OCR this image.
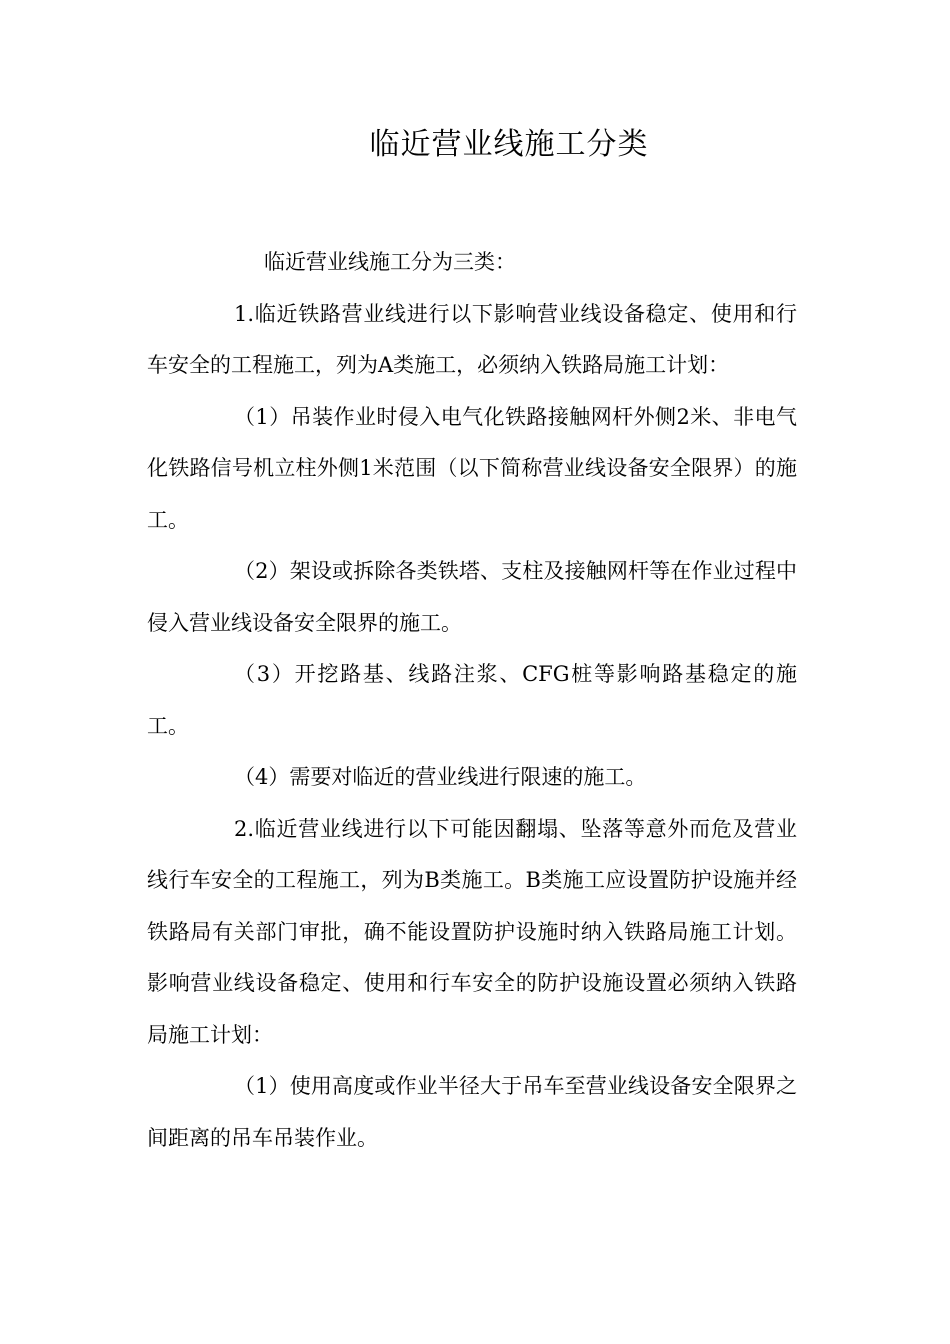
临近营业线施工分类

临近营业线施工分为三类：

1.临近铁路营业线进行以下影响营业线设备稳定、使用和行车安全的工程施工，列为A类施工，必须纳入铁路局施工计划：

（1）吊装作业时侵入电气化铁路接触网杆外侧2米、非电气化铁路信号机立柱外侧1米范围（以下简称营业线设备安全限界）的施工。

（2）架设或拆除各类铁塔、支柱及接触网杆等在作业过程中侵入营业线设备安全限界的施工。

（3）开挖路基、线路注浆、CFG桩等影响路基稳定的施工。

（4）需要对临近的营业线进行限速的施工。

2.临近营业线进行以下可能因翻塌、坠落等意外而危及营业线行车安全的工程施工，列为B类施工。B类施工应设置防护设施并经铁路局有关部门审批，确不能设置防护设施时纳入铁路局施工计划。影响营业线设备稳定、使用和行车安全的防护设施设置必须纳入铁路局施工计划：

（1）使用高度或作业半径大于吊车至营业线设备安全限界之间距离的吊车吊装作业。
